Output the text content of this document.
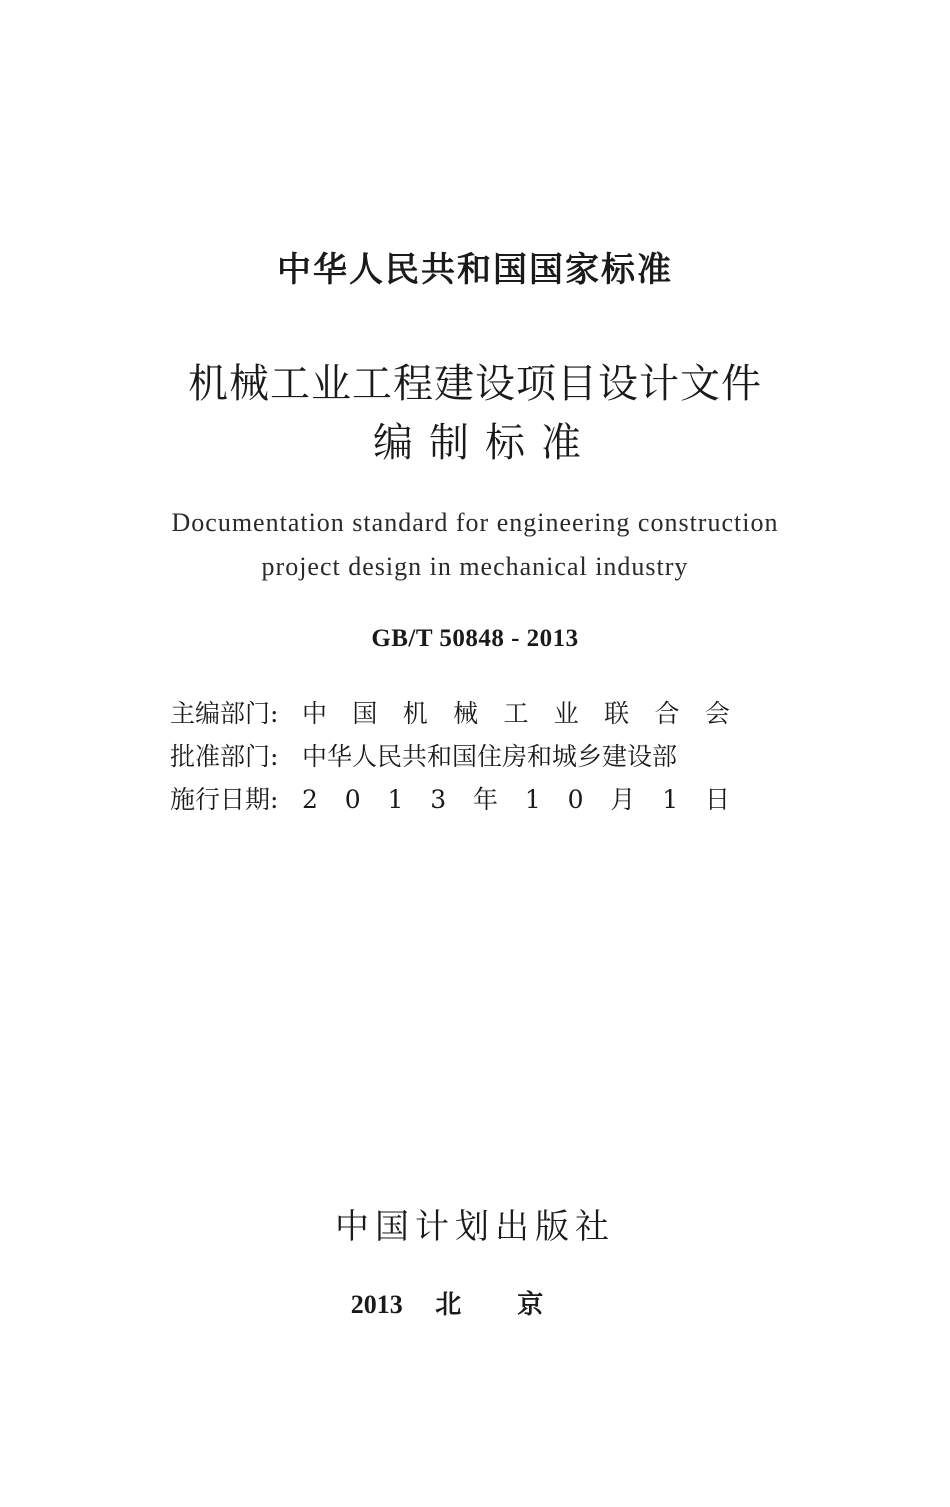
中华人民共和国国家标准
机械工业工程建设项目设计文件
编制标准
Documentation standard for engineering construction
project design in mechanical industry
GB/T 50848 - 2013
主编部门: 中 国 机 械 工 业 联 合 会
批准部门: 中华人民共和国住房和城乡建设部
施行日期: 2 0 1 3 年 1 0 月 1 日
中国计划出版社
2013 北京
